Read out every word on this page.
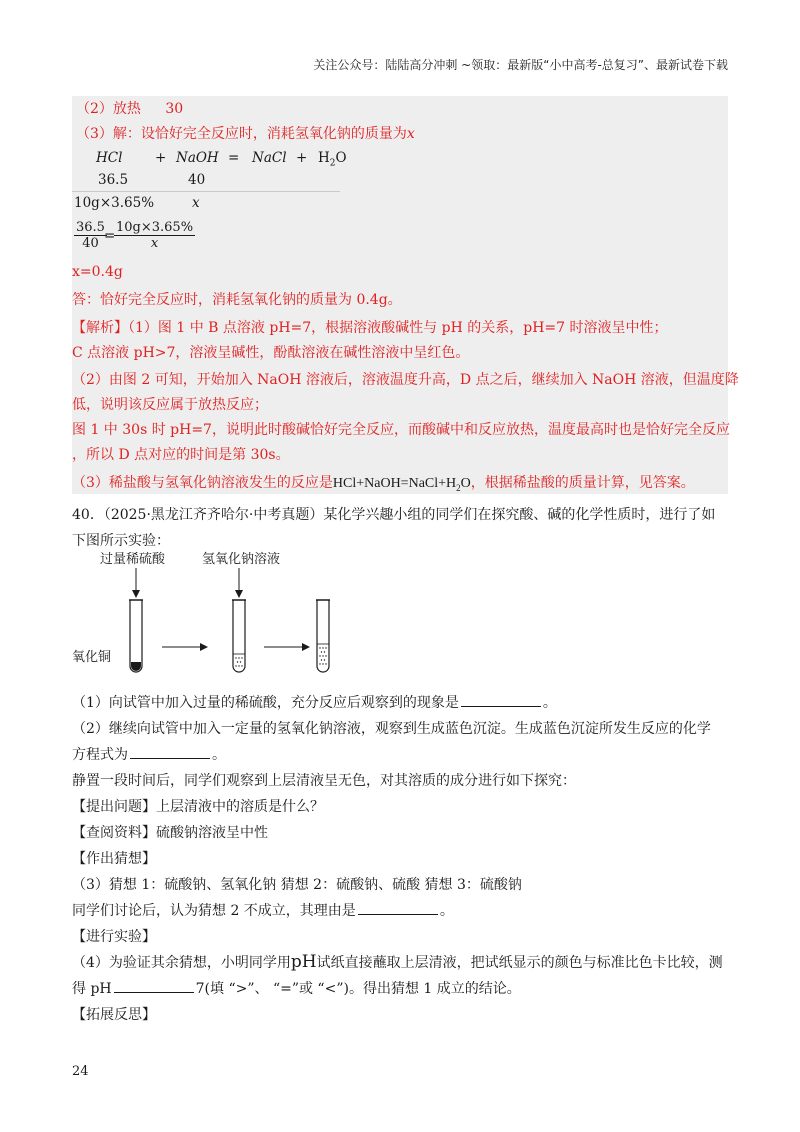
关注公众号：陆陆高分冲刺 ~领取：最新版“小中高考-总复习”、最新试卷下载
（2）放热 30
（3）解：设恰好完全反应时，消耗氢氧化钠的质量为x
HCl + NaOH = NaCl + $H_2O$
36.5	40
10g×3.65%	x
$\frac{36.5}{40}$
=
$\frac{10g\times 3.65\%}{x}$
x=0.4g
答：恰好完全反应时，消耗氢氧化钠的质量为 0.4g。
【解析】（1）图 1 中 B 点溶液 pH=7，根据溶液酸碱性与 pH 的关系，pH=7 时溶液呈中性；
C 点溶液 pH>7，溶液呈碱性，酚酞溶液在碱性溶液中呈红色。
（2）由图 2 可知，开始加入 NaOH 溶液后，溶液温度升高，D 点之后，继续加入 NaOH 溶液，但温度降
低，说明该反应属于放热反应；
图 1 中 30s 时 pH=7，说明此时酸碱恰好完全反应，而酸碱中和反应放热，温度最高时也是恰好完全反应
，所以 D 点对应的时间是第 30s。
（3）稀盐酸与氢氧化钠溶液发生的反应是$HCl+NaOH=NaCl+H_2O$，根据稀盐酸的质量计算，见答案。
40．（2025·黑龙江齐齐哈尔·中考真题）某化学兴趣小组的同学们在探究酸、碱的化学性质时，进行了如
下图所示实验：
过量稀硫酸	氢氧化钠溶液
氧化铜
（1）向试管中加入过量的稀硫酸，充分反应后观察到的现象是	。
（2）继续向试管中加入一定量的氢氧化钠溶液，观察到生成蓝色沉淀。生成蓝色沉淀所发生反应的化学
方程式为	。
静置一段时间后，同学们观察到上层清液呈无色，对其溶质的成分进行如下探究：
【提出问题】上层清液中的溶质是什么？
【查阅资料】硫酸钠溶液呈中性
【作出猜想】
（3）猜想 1：硫酸钠、氢氧化钠 猜想 2：硫酸钠、硫酸 猜想 3：硫酸钠
同学们讨论后，认为猜想 2 不成立，其理由是	。
【进行实验】
（4）为验证其余猜想，小明同学用pH试纸直接蘸取上层清液，把试纸显示的颜色与标准比色卡比较，测
得 pH	7(填 “>”、 “=”或 “<”)。得出猜想 1 成立的结论。
【拓展反思】
24
